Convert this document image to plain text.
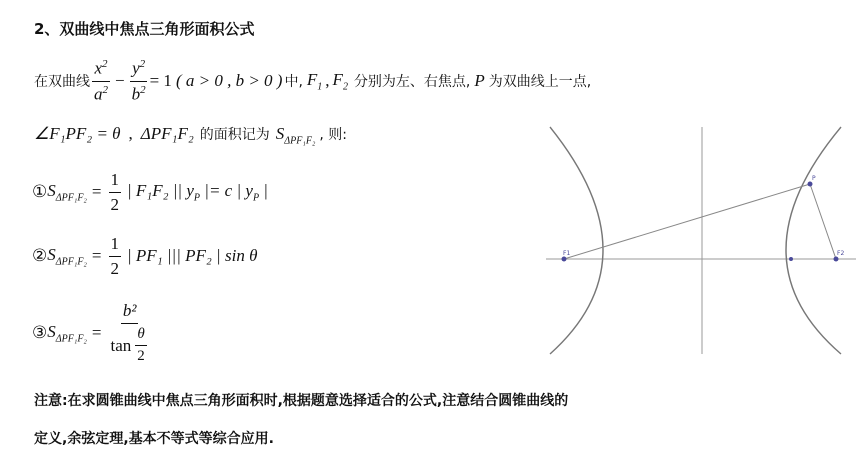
2、双曲线中焦点三角形面积公式
在双曲线 $\frac{x^2}{a^2} - \frac{y^2}{b^2} = 1$ ( a > 0 , b > 0 ) 中, $F_1$ , $F_2$ 分别为左、右焦点, P 为双曲线上一点,
∠F₁PF₂ = θ , ΔPF₁F₂ 的面积记为 $S_{\Delta PF_1F_2}$ , 则:
① $S_{\Delta PF_1F_2} = \frac{1}{2}$ | F₁F₂ || $y_P$ |= c | $y_P$ |
② $S_{\Delta PF_1F_2} = \frac{1}{2}$ | PF₁ ||| PF₂ | sin θ
③ $S_{\Delta PF_1F_2} = \frac{\text{b²}}{\tan \frac{\theta}{2}}$
注意:在求圆锥曲线中焦点三角形面积时,根据题意选择适合的公式,注意结合圆锥曲线的
定义,余弦定理,基本不等式等综合应用.
F1	F2
P
